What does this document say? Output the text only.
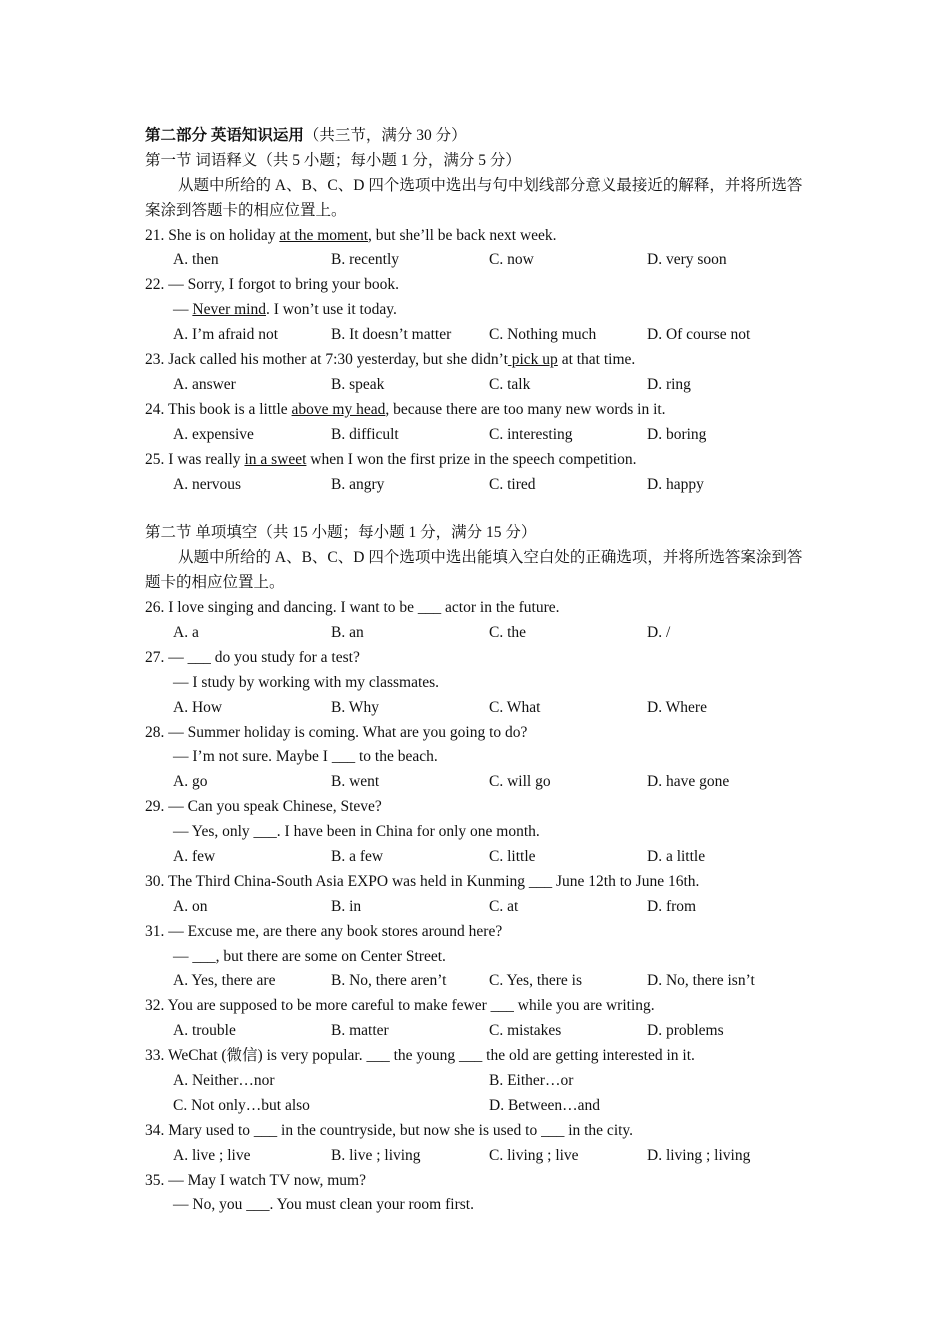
第二部分 英语知识运用（共三节，满分 30 分）
第一节 词语释义（共 5 小题；每小题 1 分，满分 5 分）
从题中所给的 A、B、C、D 四个选项中选出与句中划线部分意义最接近的解释，并将所选答案涂到答题卡的相应位置上。
21. She is on holiday at the moment, but she’ll be back next week.
A. then	B. recently	C. now	D. very soon
22. — Sorry, I forgot to bring your book.
— Never mind. I won’t use it today.
A. I’m afraid not	B. It doesn’t matter C. Nothing much	D. Of course not
23. Jack called his mother at 7:30 yesterday, but she didn’t pick up at that time.
A. answer	B. speak	C. talk	D. ring
24. This book is a little above my head, because there are too many new words in it.
A. expensive	B. difficult	C. interesting	D. boring
25. I was really in a sweet when I won the first prize in the speech competition.
A. nervous	B. angry	C. tired	D. happy
第二节 单项填空（共 15 小题；每小题 1 分，满分 15 分）
从题中所给的 A、B、C、D 四个选项中选出能填入空白处的正确选项，并将所选答案涂到答题卡的相应位置上。
26. I love singing and dancing. I want to be ___ actor in the future.
A. a	B. an	C. the	D. /
27. — ___ do you study for a test?
— I study by working with my classmates.
A. How	B. Why	C. What	D. Where
28. — Summer holiday is coming. What are you going to do?
— I’m not sure. Maybe I ___ to the beach.
A. go	B. went	C. will go	D. have gone
29. — Can you speak Chinese, Steve?
— Yes, only ___. I have been in China for only one month.
A. few	B. a few	C. little	D. a little
30. The Third China-South Asia EXPO was held in Kunming ___ June 12th to June 16th.
A. on	B. in	C. at	D. from
31. — Excuse me, are there any book stores around here?
— ___, but there are some on Center Street.
A. Yes, there are	B. No, there aren’t	C. Yes, there is	D. No, there isn’t
32. You are supposed to be more careful to make fewer ___ while you are writing.
A. trouble	B. matter	C. mistakes	D. problems
33. WeChat (微信) is very popular. ___ the young ___ the old are getting interested in it.
A. Neither…nor	B. Either…or
C. Not only…but also	D. Between…and
34. Mary used to ___ in the countryside, but now she is used to ___ in the city.
A. live ; live	B. live ; living	C. living ; live	D. living ; living
35. — May I watch TV now, mum?
— No, you ___. You must clean your room first.
